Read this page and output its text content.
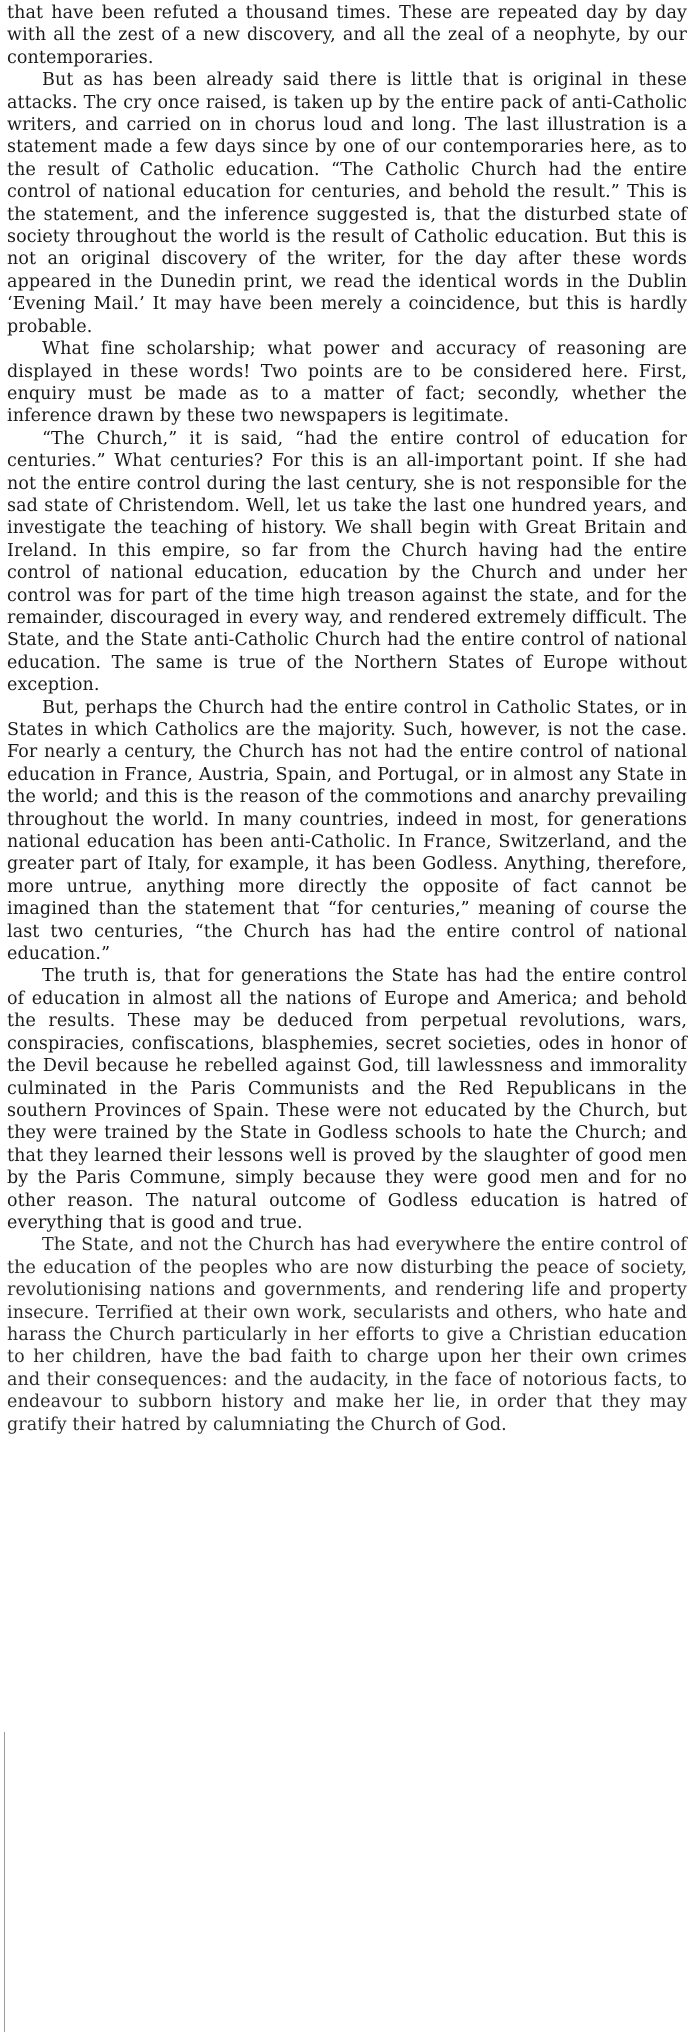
that have been refuted a thousand times. These are repeated day by day with all the zest of a new discovery, and all the zeal of a neophyte, by our contemporaries.

But as has been already said there is little that is original in these attacks. The cry once raised, is taken up by the entire pack of anti-Catholic writers, and carried on in chorus loud and long. The last illustration is a statement made a few days since by one of our contemporaries here, as to the result of Catholic education. “The Catholic Church had the entire control of national education for centuries, and behold the result.” This is the statement, and the inference suggested is, that the disturbed state of society throughout the world is the result of Catholic education. But this is not an original discovery of the writer, for the day after these words appeared in the Dunedin print, we read the identical words in the Dublin ‘Evening Mail.’ It may have been merely a coincidence, but this is hardly probable.

What fine scholarship; what power and accuracy of reasoning are displayed in these words! Two points are to be considered here. First, enquiry must be made as to a matter of fact; secondly, whether the inference drawn by these two newspapers is legitimate.

“The Church,” it is said, “had the entire control of education for centuries.” What centuries? For this is an all-important point. If she had not the entire control during the last century, she is not responsible for the sad state of Christendom. Well, let us take the last one hundred years, and investigate the teaching of history. We shall begin with Great Britain and Ireland. In this empire, so far from the Church having had the entire control of national education, education by the Church and under her control was for part of the time high treason against the state, and for the remainder, discouraged in every way, and rendered extremely difficult. The State, and the State anti-Catholic Church had the entire control of national education. The same is true of the Northern States of Europe without exception.

But, perhaps the Church had the entire control in Catholic States, or in States in which Catholics are the majority. Such, however, is not the case. For nearly a century, the Church has not had the entire control of national education in France, Austria, Spain, and Portugal, or in almost any State in the world; and this is the reason of the commotions and anarchy prevailing throughout the world. In many countries, indeed in most, for generations national education has been anti-Catholic. In France, Switzerland, and the greater part of Italy, for example, it has been Godless. Anything, therefore, more untrue, anything more directly the opposite of fact cannot be imagined than the statement that “for centuries,” meaning of course the last two centuries, “the Church has had the entire control of national education.”

The truth is, that for generations the State has had the entire control of education in almost all the nations of Europe and America; and behold the results. These may be deduced from perpetual revolutions, wars, conspiracies, confiscations, blasphemies, secret societies, odes in honor of the Devil because he rebelled against God, till lawlessness and immorality culminated in the Paris Communists and the Red Republicans in the southern Provinces of Spain. These were not educated by the Church, but they were trained by the State in Godless schools to hate the Church; and that they learned their lessons well is proved by the slaughter of good men by the Paris Commune, simply because they were good men and for no other reason. The natural outcome of Godless education is hatred of everything that is good and true.

The State, and not the Church has had everywhere the entire control of the education of the peoples who are now disturbing the peace of society, revolutionising nations and governments, and rendering life and property insecure. Terrified at their own work, secularists and others, who hate and harass the Church particularly in her efforts to give a Christian education to her children, have the bad faith to charge upon her their own crimes and their consequences: and the audacity, in the face of notorious facts, to endeavour to subborn history and make her lie, in order that they may gratify their hatred by calumniating the Church of God.
